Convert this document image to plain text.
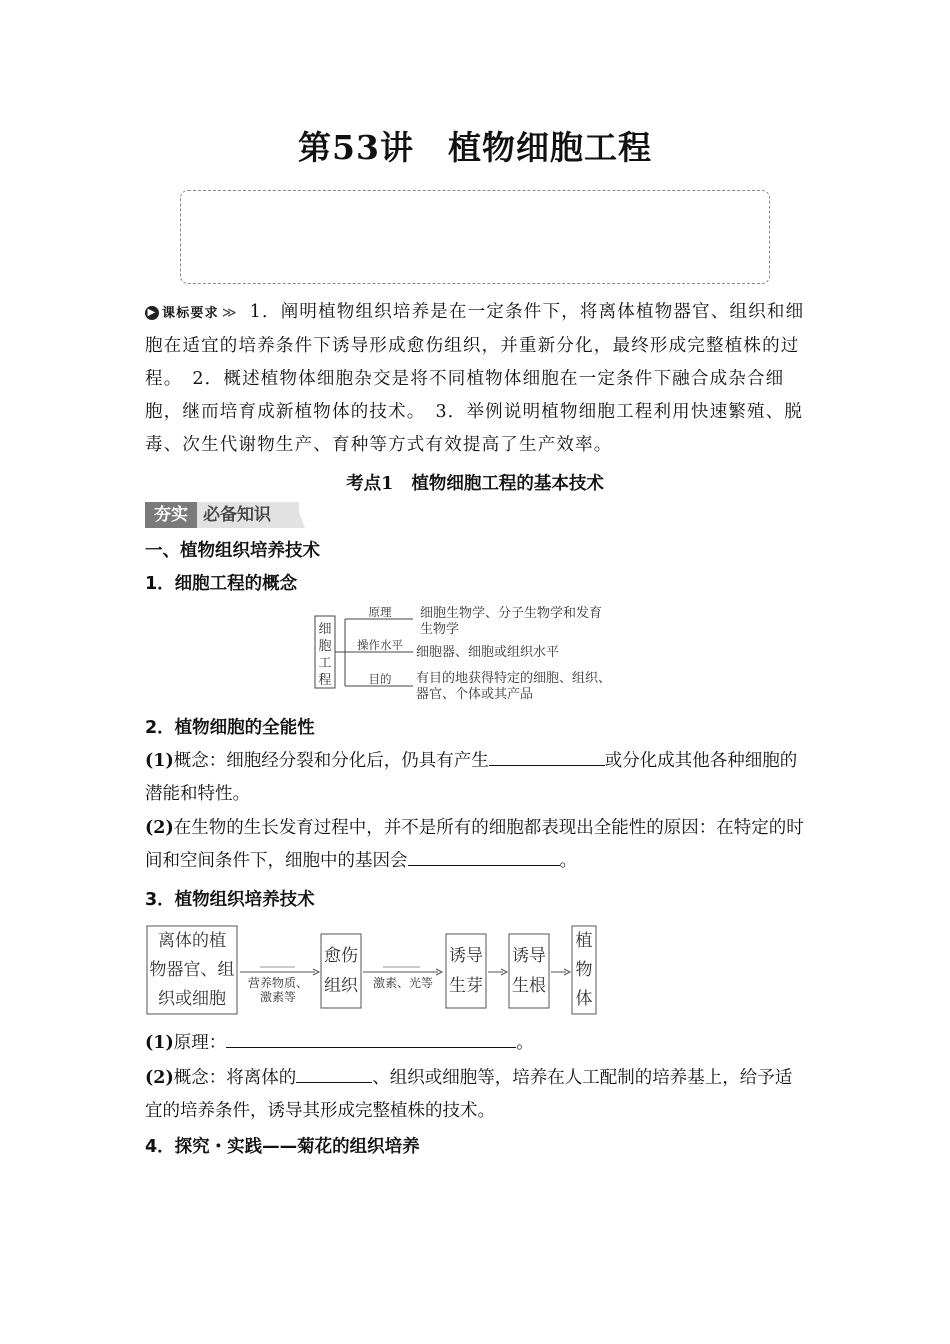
第53讲 植物细胞工程
▶ 课标要求 ≫ 1．阐明植物组织培养是在一定条件下，将离体植物器官、组织和细胞在适宜的培养条件下诱导形成愈伤组织，并重新分化，最终形成完整植株的过程。　2．概述植物体细胞杂交是将不同植物体细胞在一定条件下融合成杂合细胞，继而培育成新植物体的技术。　3．举例说明植物细胞工程利用快速繁殖、脱毒、次生代谢物生产、育种等方式有效提高了生产效率。
考点1 植物细胞工程的基本技术
夯实 必备知识
一、植物组织培养技术
1．细胞工程的概念
细
胞
工
程
原理
操作水平
目的
细胞生物学、分子生物学和发育
生物学
细胞器、细胞或组织水平
有目的地获得特定的细胞、组织、
器官、个体或其产品
2．植物细胞的全能性
(1)概念：细胞经分裂和分化后，仍具有产生	或分化成其他各种细胞的潜能和特性。
(2)在生物的生长发育过程中，并不是所有的细胞都表现出全能性的原因：在特定的时间和空间条件下，细胞中的基因会	。
3．植物组织培养技术
离体的植
物器官、组
织或细胞
营养物质、
激素等
愈伤
组织 激素、光等
诱导
生芽
诱导
生根
植
物
体
(1)原理：	。
(2)概念：将离体的	、组织或细胞等，培养在人工配制的培养基上，给予适宜的培养条件，诱导其形成完整植株的技术。
4．探究・实践——菊花的组织培养
